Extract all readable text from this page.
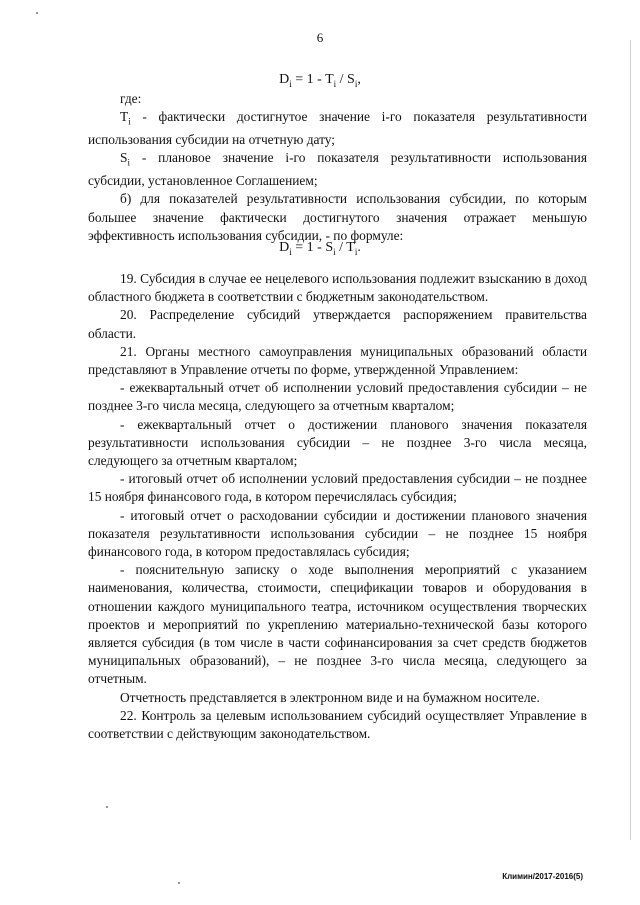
6
$D_i = 1 - T_i / S_i$,

где:

$T_i$ - фактически достигнутое значение i-го показателя результативности использования субсидии на отчетную дату;

$S_i$ - плановое значение i-го показателя результативности использования субсидии, установленное Соглашением;

б) для показателей результативности использования субсидии, по которым большее значение фактически достигнутого значения отражает меньшую эффективность использования субсидии, - по формуле:

$D_i = 1 - S_i / T_i$.

19. Субсидия в случае ее нецелевого использования подлежит взысканию в доход областного бюджета в соответствии с бюджетным законодательством.

20. Распределение субсидий утверждается распоряжением правительства области.

21. Органы местного самоуправления муниципальных образований области представляют в Управление отчеты по форме, утвержденной Управлением:

- ежеквартальный отчет об исполнении условий предоставления субсидии – не позднее 3-го числа месяца, следующего за отчетным кварталом;

- ежеквартальный отчет о достижении планового значения показателя результативности использования субсидии – не позднее 3-го числа месяца, следующего за отчетным кварталом;

- итоговый отчет об исполнении условий предоставления субсидии – не позднее 15 ноября финансового года, в котором перечислялась субсидия;

- итоговый отчет о расходовании субсидии и достижении планового значения показателя результативности использования субсидии – не позднее 15 ноября финансового года, в котором предоставлялась субсидия;

- пояснительную записку о ходе выполнения мероприятий с указанием наименования, количества, стоимости, спецификации товаров и оборудования в отношении каждого муниципального театра, источником осуществления творческих проектов и мероприятий по укреплению материально-технической базы которого является субсидия (в том числе в части софинансирования за счет средств бюджетов муниципальных образований), – не позднее 3-го числа месяца, следующего за отчетным.

Отчетность представляется в электронном виде и на бумажном носителе.

22. Контроль за целевым использованием субсидий осуществляет Управление в соответствии с действующим законодательством.

Климин/2017-2016(5)
